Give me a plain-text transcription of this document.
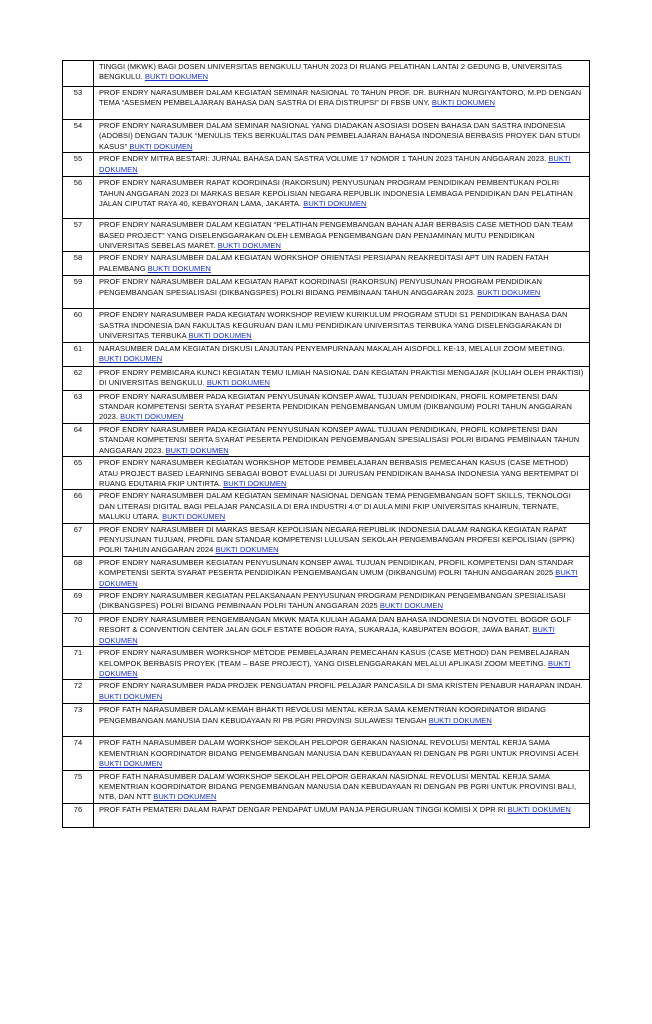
	TINGGI (MKWK) BAGI DOSEN UNIVERSITAS BENGKULU TAHUN 2023 DI RUANG PELATIHAN LANTAI 2 GEDUNG B, UNIVERSITAS BENGKULU. BUKTI DOKUMEN
53	PROF ENDRY NARASUMBER DALAM KEGIATAN SEMINAR NASIONAL 70 TAHUN PROF. DR. BURHAN NURGIYANTORO, M.PD DENGAN TEMA “ASESMEN PEMBELAJARAN BAHASA DAN SASTRA DI ERA DISTRUPSI” DI FBSB UNY. BUKTI DOKUMEN
54	PROF ENDRY NARASUMBER DALAM SEMINAR NASIONAL YANG DIADAKAN ASOSIASI DOSEN BAHASA DAN SASTRA INDONESIA (ADOBSI) DENGAN TAJUK “MENULIS TEKS BERKUALITAS DAN PEMBELAJARAN BAHASA INDONESIA BERBASIS PROYEK DAN STUDI KASUS” BUKTI DOKUMEN
55	PROF ENDRY MITRA BESTARI: JURNAL BAHASA DAN SASTRA VOLUME 17 NOMOR 1 TAHUN 2023 TAHUN ANGGARAN 2023. BUKTI DOKUMEN
56	PROF ENDRY NARASUMBER RAPAT KOORDINASI (RAKORSUN) PENYUSUNAN PROGRAM PENDIDIKAN PEMBENTUKAN POLRI TAHUN ANGGARAN 2023 DI MARKAS BESAR KEPOLISIAN NEGARA REPUBLIK INDONESIA LEMBAGA PENDIDIKAN DAN PELATIHAN JALAN CIPUTAT RAYA 40, KEBAYORAN LAMA, JAKARTA. BUKTI DOKUMEN
57	PROF ENDRY NARASUMBER DALAM KEGIATAN “PELATIHAN PENGEMBANGAN BAHAN AJAR BERBASIS CASE METHOD DAN TEAM BASED PROJECT” YANG DISELENGGARAKAN OLEH LEMBAGA PENGEMBANGAN DAN PENJAMINAN MUTU PENDIDIKAN UNIVERSITAS SEBELAS MARET. BUKTI DOKUMEN
58	PROF ENDRY NARASUMBER DALAM KEGIATAN WORKSHOP ORIENTASI PERSIAPAN REAKREDITASI APT UIN RADEN FATAH PALEMBANG BUKTI DOKUMEN
59	PROF ENDRY NARASUMBER DALAM KEGIATAN RAPAT KOORDINASI (RAKORSUN) PENYUSUNAN PROGRAM PENDIDIKAN PENGEMBANGAN SPESIALISASI (DIKBANGSPES) POLRI BIDANG PEMBINAAN TAHUN ANGGARAN 2023. BUKTI DOKUMEN
60	PROF ENDRY NARASUMBER PADA KEGIATAN WORKSHOP REVIEW KURIKULUM PROGRAM STUDI S1 PENDIDIKAN BAHASA DAN SASTRA INDONESIA DAN FAKULTAS KEGURUAN DAN ILMU PENDIDIKAN UNIVERSITAS TERBUKA YANG DISELENGGARAKAN DI UNIVERSITAS TERBUKA BUKTI DOKUMEN
61	NARASUMBER DALAM KEGIATAN DISKUSI LANJUTAN PENYEMPURNAAN MAKALAH AISOFOLL KE-13, MELALUI ZOOM MEETING. BUKTI DOKUMEN
62	PROF ENDRY PEMBICARA KUNCI KEGIATAN TEMU ILMIAH NASIONAL DAN KEGIATAN PRAKTISI MENGAJAR (KULIAH OLEH PRAKTISI) DI UNIVERSITAS BENGKULU. BUKTI DOKUMEN
63	PROF ENDRY NARASUMBER PADA KEGIATAN PENYUSUNAN KONSEP AWAL TUJUAN PENDIDIKAN, PROFIL KOMPETENSI DAN STANDAR KOMPETENSI SERTA SYARAT PESERTA PENDIDIKAN PENGEMBANGAN UMUM (DIKBANGUM) POLRI TAHUN ANGGARAN 2023. BUKTI DOKUMEN
64	PROF ENDRY NARASUMBER PADA KEGIATAN PENYUSUNAN KONSEP AWAL TUJUAN PENDIDIKAN, PROFIL KOMPETENSI DAN STANDAR KOMPETENSI SERTA SYARAT PESERTA PENDIDIKAN PENGEMBANGAN SPESIALISASI POLRI BIDANG PEMBINAAN TAHUN ANGGARAN 2023. BUKTI DOKUMEN
65	PROF ENDRY NARASUMBER KEGIATAN WORKSHOP METODE PEMBELAJARAN BERBASIS PEMECAHAN KASUS (CASE METHOD) ATAU PROJECT BASED LEARNING SEBAGAI BOBOT EVALUASI DI JURUSAN PENDIDIKAN BAHASA INDONESIA YANG BERTEMPAT DI RUANG EDUTARIA FKIP UNTIRTA. BUKTI DOKUMEN
66	PROF ENDRY NARASUMBER DALAM KEGIATAN SEMINAR NASIONAL DENGAN TEMA PENGEMBANGAN SOFT SKILLS, TEKNOLOGI DAN LITERASI DIGITAL BAGI PELAJAR PANCASILA DI ERA INDUSTRI 4.0” DI AULA MINI FKIP UNIVERSITAS KHAIRUN, TERNATE, MALUKU UTARA. BUKTI DOKUMEN
67	PROF ENDRY NARASUMBER DI MARKAS BESAR KEPOLISIAN NEGARA REPUBLIK INDONESIA DALAM RANGKA KEGIATAN RAPAT PENYUSUNAN TUJUAN, PROFIL DAN STANDAR KOMPETENSI LULUSAN SEKOLAH PENGEMBANGAN PROFESI KEPOLISIAN (SPPK) POLRI TAHUN ANGGARAN 2024 BUKTI DOKUMEN
68	PROF ENDRY NARASUMBER KEGIATAN PENYUSUNAN KONSEP AWAL TUJUAN PENDIDIKAN, PROFIL KOMPETENSI DAN STANDAR KOMPETENSI SERTA SYARAT PESERTA PENDIDIKAN PENGEMBANGAN UMUM (DIKBANGUM) POLRI TAHUN ANGGARAN 2025 BUKTI DOKUMEN
69	PROF ENDRY NARASUMBER KEGIATAN PELAKSANAAN PENYUSUNAN PROGRAM PENDIDIKAN PENGEMBANGAN SPESIALISASI (DIKBANGSPES) POLRI BIDANG PEMBINAAN POLRI TAHUN ANGGARAN 2025 BUKTI DOKUMEN
70	PROF ENDRY NARASUMBER PENGEMBANGAN MKWK MATA KULIAH AGAMA DAN BAHASA INDONESIA DI NOVOTEL BOGOR GOLF RESORT & CONVENTION CENTER JALAN GOLF ESTATE BOGOR RAYA, SUKARAJA, KABUPATEN BOGOR, JAWA BARAT. BUKTI DOKUMEN
71	PROF ENDRY NARASUMBER WORKSHOP METODE PEMBELAJARAN PEMECAHAN KASUS (CASE METHOD) DAN PEMBELAJARAN KELOMPOK BERBASIS PROYEK (TEAM – BASE PROJECT), YANG DISELENGGARAKAN MELALUI APLIKASI ZOOM MEETING. BUKTI DOKUMEN
72	PROF ENDRY NARASUMBER PADA PROJEK PENGUATAN PROFIL PELAJAR PANCASILA DI SMA KRISTEN PENABUR HARAPAN INDAH. BUKTI DOKUMEN
73	PROF FATH NARASUMBER DALAM KEMAH BHAKTI REVOLUSI MENTAL KERJA SAMA KEMENTRIAN KOORDINATOR BIDANG PENGEMBANGAN MANUSIA DAN KEBUDAYAAN RI PB PGRI PROVINSI SULAWESI TENGAH BUKTI DOKUMEN
74	PROF FATH NARASUMBER DALAM WORKSHOP SEKOLAH PELOPOR GERAKAN NASIONAL REVOLUSI MENTAL KERJA SAMA KEMENTRIAN KOORDINATOR BIDANG PENGEMBANGAN MANUSIA DAN KEBUDAYAAN RI DENGAN PB PGRI UNTUK PROVINSI ACEH BUKTI DOKUMEN
75	PROF FATH NARASUMBER DALAM WORKSHOP SEKOLAH PELOPOR GERAKAN NASIONAL REVOLUSI MENTAL KERJA SAMA KEMENTRIAN KOORDINATOR BIDANG PENGEMBANGAN MANUSIA DAN KEBUDAYAAN RI DENGAN PB PGRI UNTUK PROVINSI BALI, NTB, DAN NTT BUKTI DOKUMEN
76	PROF FATH PEMATERI DALAM RAPAT DENGAR PENDAPAT UMUM PANJA PERGURUAN TINGGI KOMISI X DPR RI BUKTI DOKUMEN
